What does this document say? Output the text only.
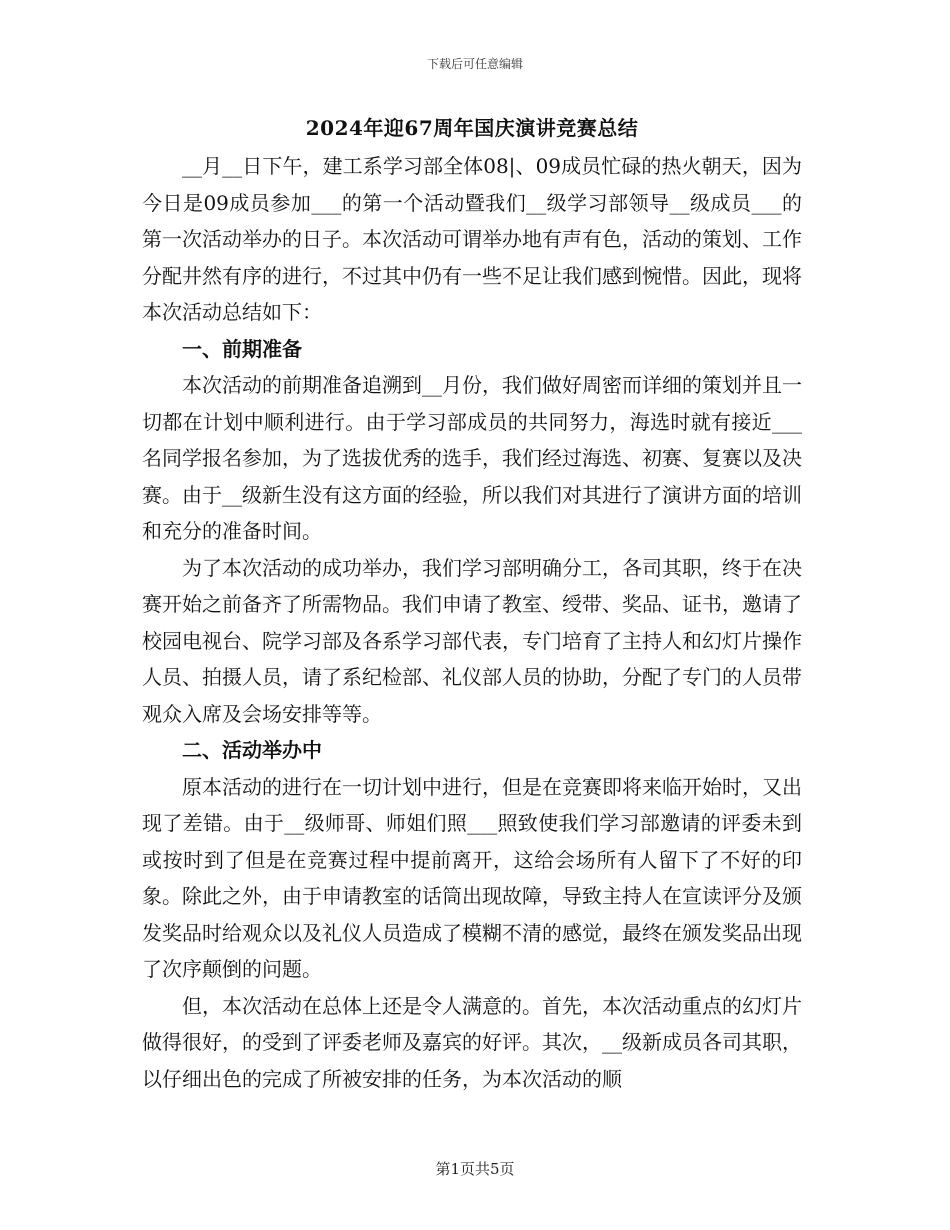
下载后可任意编辑
2024年迎67周年国庆演讲竞赛总结

__月__日下午，建工系学习部全体08|、09成员忙碌的热火朝天，因为今日是09成员参加___的第一个活动暨我们__级学习部领导__级成员___的第一次活动举办的日子。本次活动可谓举办地有声有色，活动的策划、工作分配井然有序的进行，不过其中仍有一些不足让我们感到惋惜。因此，现将本次活动总结如下：

一、前期准备

本次活动的前期准备追溯到__月份，我们做好周密而详细的策划并且一切都在计划中顺利进行。由于学习部成员的共同努力，海选时就有接近___名同学报名参加，为了选拔优秀的选手，我们经过海选、初赛、复赛以及决赛。由于__级新生没有这方面的经验，所以我们对其进行了演讲方面的培训和充分的准备时间。

为了本次活动的成功举办，我们学习部明确分工，各司其职，终于在决赛开始之前备齐了所需物品。我们申请了教室、绶带、奖品、证书，邀请了校园电视台、院学习部及各系学习部代表，专门培育了主持人和幻灯片操作人员、拍摄人员，请了系纪检部、礼仪部人员的协助，分配了专门的人员带观众入席及会场安排等等。

二、活动举办中

原本活动的进行在一切计划中进行，但是在竞赛即将来临开始时，又出现了差错。由于__级师哥、师姐们照___照致使我们学习部邀请的评委未到或按时到了但是在竞赛过程中提前离开，这给会场所有人留下了不好的印象。除此之外，由于申请教室的话筒出现故障，导致主持人在宣读评分及颁发奖品时给观众以及礼仪人员造成了模糊不清的感觉，最终在颁发奖品出现了次序颠倒的问题。

但，本次活动在总体上还是令人满意的。首先，本次活动重点的幻灯片做得很好，的受到了评委老师及嘉宾的好评。其次，__级新成员各司其职，以仔细出色的完成了所被安排的任务，为本次活动的顺

第1页共5页
